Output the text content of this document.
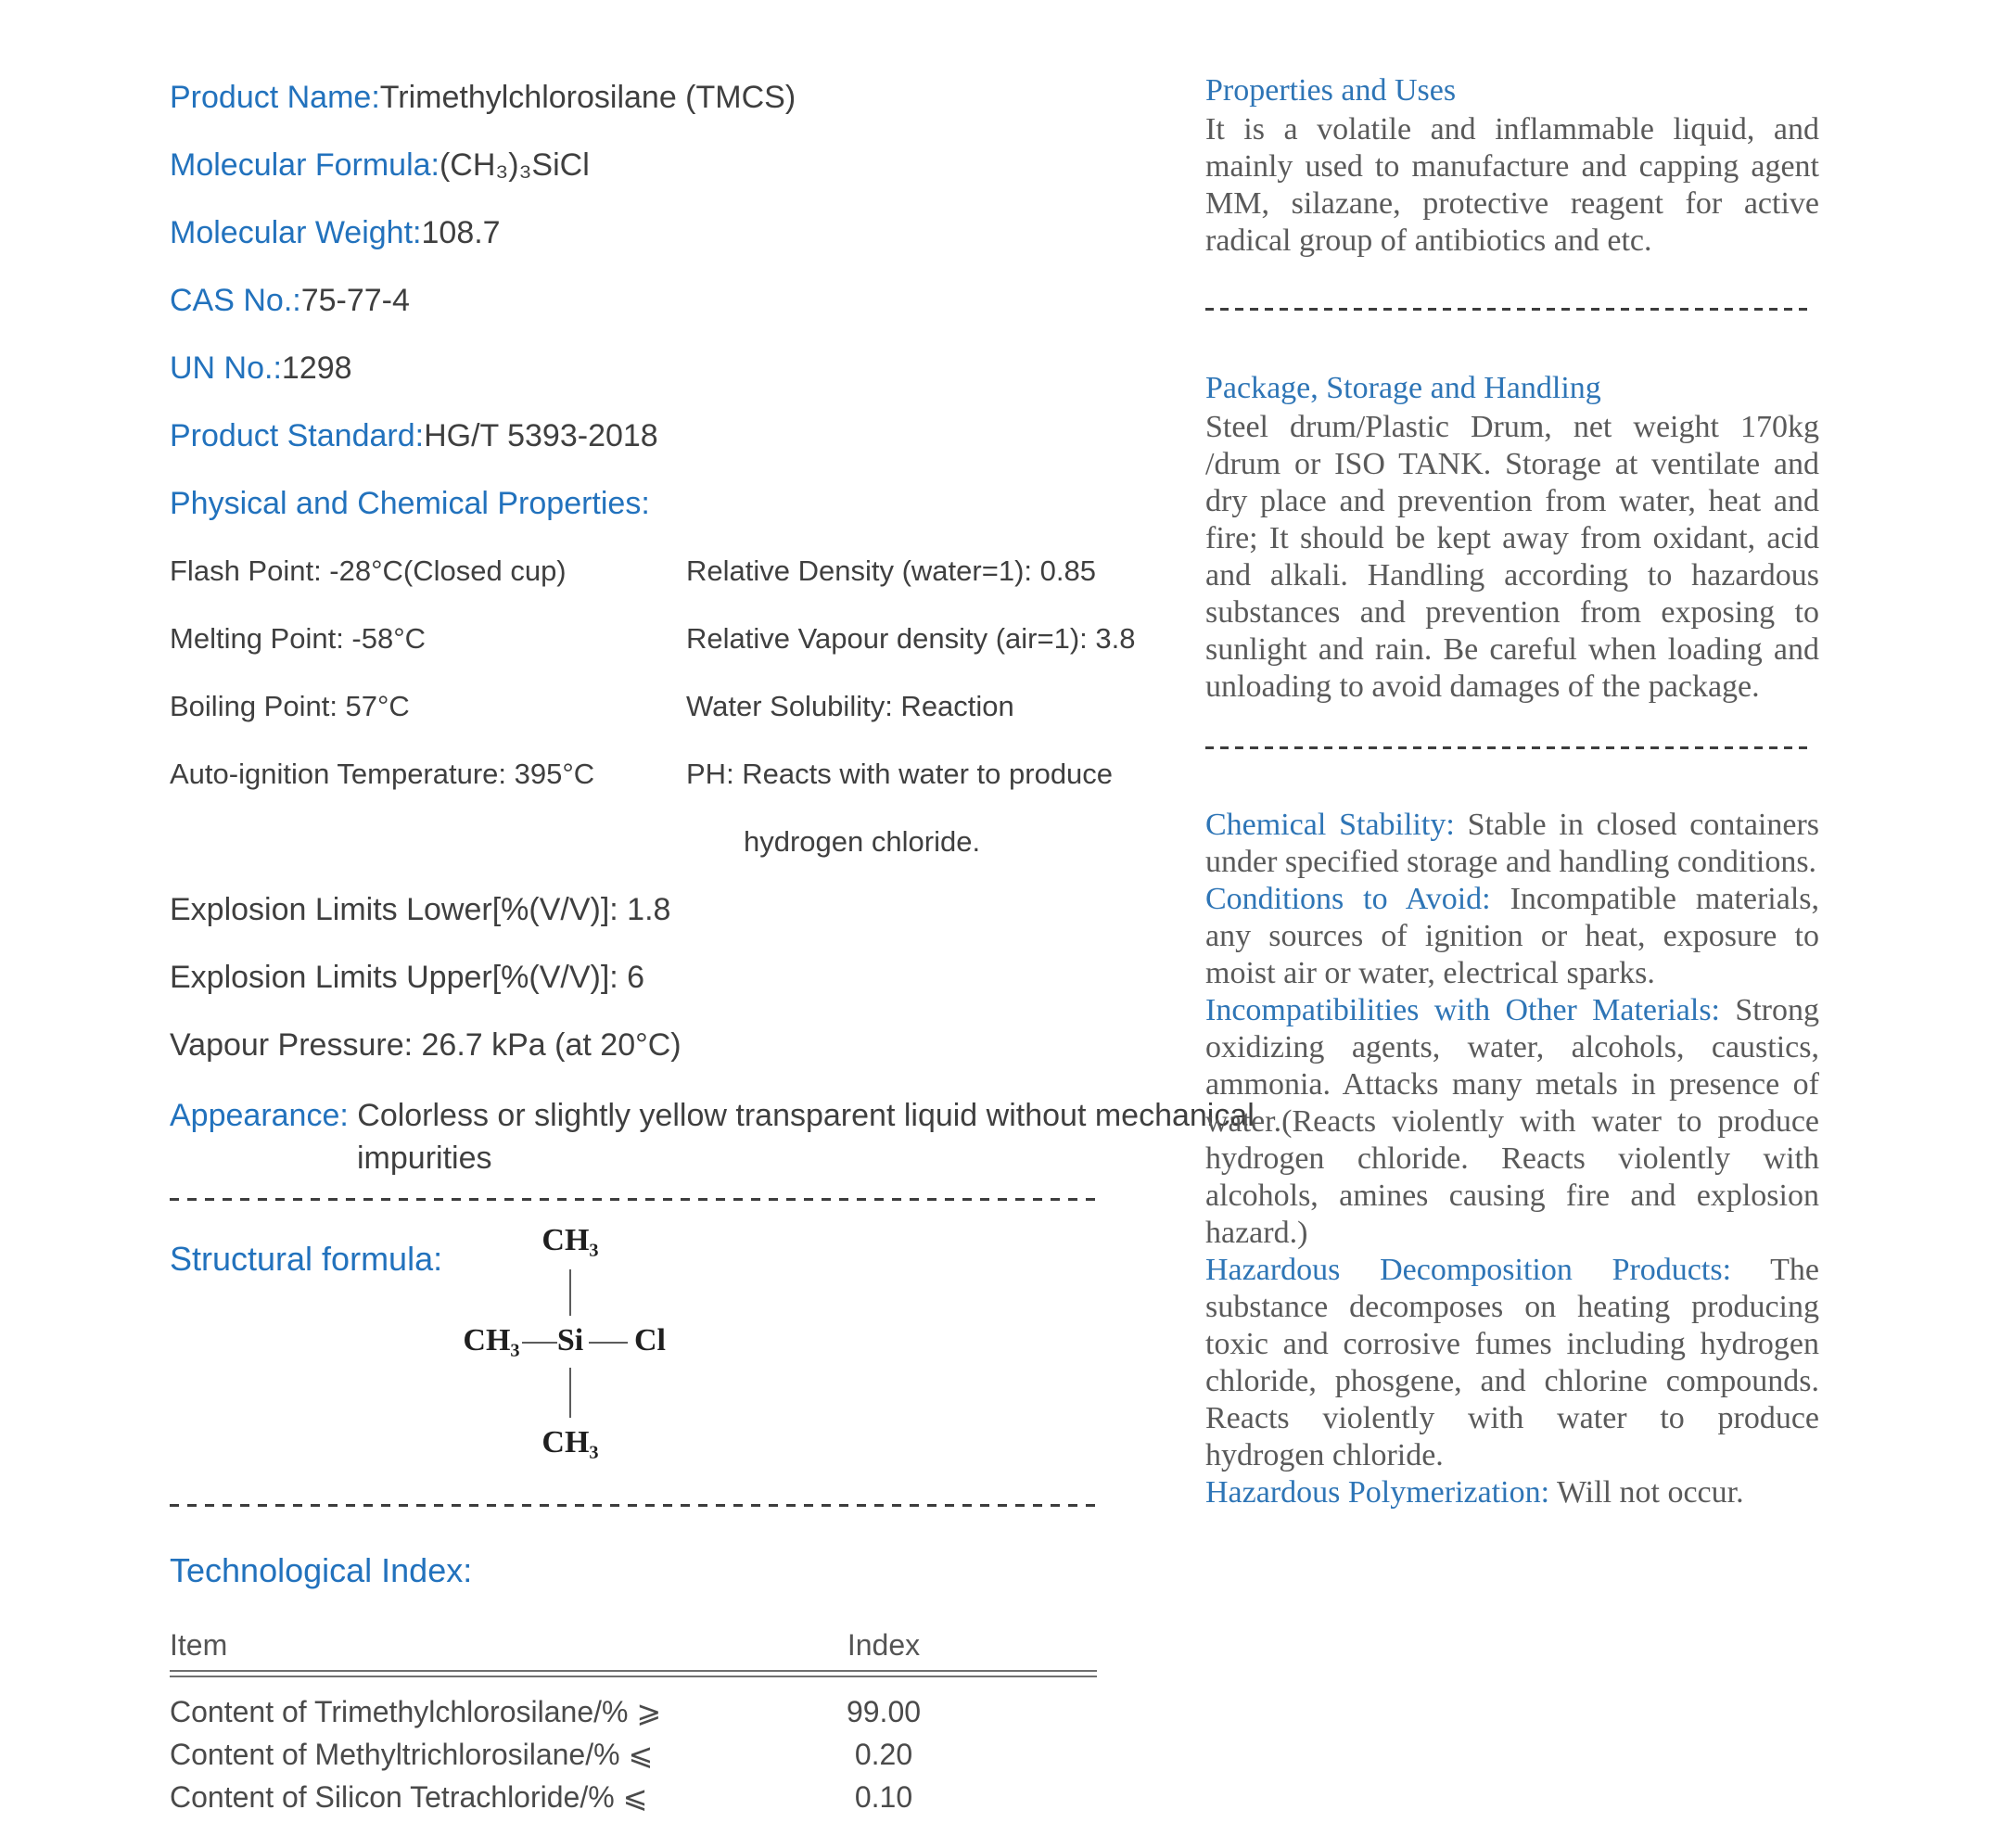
Product Name:Trimethylchlorosilane (TMCS)

Molecular Formula:(CH₃)₃SiCl

Molecular Weight:108.7

CAS No.:75-77-4

UN No.:1298

Product Standard:HG/T 5393-2018

Physical and Chemical Properties:

Flash Point: -28°C(Closed cup)	Relative Density (water=1): 0.85
Melting Point: -58°C	Relative Vapour density (air=1): 3.8
Boiling Point: 57°C	Water Solubility: Reaction
Auto-ignition Temperature: 395°C	PH: Reacts with water to produce
hydrogen chloride.

Explosion Limits Lower[%(V/V)]: 1.8

Explosion Limits Upper[%(V/V)]: 6

Vapour Pressure: 26.7 kPa (at 20°C)

Appearance: Colorless or slightly yellow transparent liquid without mechanical impurities

Structural formula:	CH₃
CH₃ Si Cl
CH₃

Technological Index:

Item	Index
Content of Trimethylchlorosilane/% ⩾	99.00
Content of Methyltrichlorosilane/% ⩽	0.20
Content of Silicon Tetrachloride/% ⩽	0.10

Properties and Uses

It is a volatile and inflammable liquid, and mainly used to manufacture and capping agent MM, silazane, protective reagent for active radical group of antibiotics and etc.

Package, Storage and Handling

Steel drum/Plastic Drum, net weight 170kg /drum or ISO TANK. Storage at ventilate and dry place and prevention from water, heat and fire; It should be kept away from oxidant, acid and alkali. Handling according to hazardous substances and prevention from exposing to sunlight and rain. Be careful when loading and unloading to avoid damages of the package.

Chemical Stability: Stable in closed containers under specified storage and handling conditions.

Conditions to Avoid: Incompatible materials, any sources of ignition or heat, exposure to moist air or water, electrical sparks.

Incompatibilities with Other Materials: Strong oxidizing agents, water, alcohols, caustics, ammonia. Attacks many metals in presence of water.(Reacts violently with water to produce hydrogen chloride. Reacts violently with alcohols, amines causing fire and explosion hazard.)

Hazardous Decomposition Products: The substance decomposes on heating producing toxic and corrosive fumes including hydrogen chloride, phosgene, and chlorine compounds. Reacts violently with water to produce hydrogen chloride.

Hazardous Polymerization: Will not occur.
